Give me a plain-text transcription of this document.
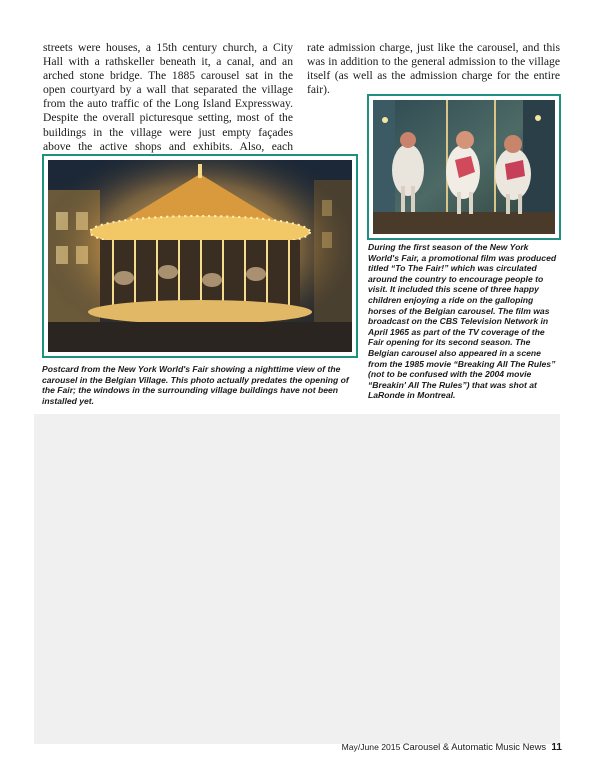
streets were houses, a 15th century church, a City Hall with a rathskeller beneath it, a canal, and an arched stone bridge. The 1885 carousel sat in the open courtyard by a wall that separated the village from the auto traffic of the Long Island Expressway. Despite the overall picturesque setting, most of the buildings in the village were just empty façades above the active shops and exhibits. Also, each

rate admission charge, just like the carousel, and this was in addition to the general admission to the village itself (as well as the admission charge for the entire fair).

During the first season of the New York World's Fair, a promotional film was produced titled “To The Fair!” which was circulated around the country to encourage people to visit. It included this scene of three happy children enjoying a ride on the galloping horses of the Belgian carousel. The film was broadcast on the CBS Television Network in April 1965 as part of the TV coverage of the Fair opening for its second season. The Belgian carousel also appeared in a scene from the 1985 movie “Breaking All The Rules” (not to be confused with the 2004 movie “Breakin' All The Rules”) that was shot at LaRonde in Montreal.

Postcard from the New York World's Fair showing a nighttime view of the carousel in the Belgian Village. This photo actually predates the opening of the Fair; the windows in the surrounding village buildings have not been installed yet.

May/June 2015 Carousel & Automatic Music News 11
